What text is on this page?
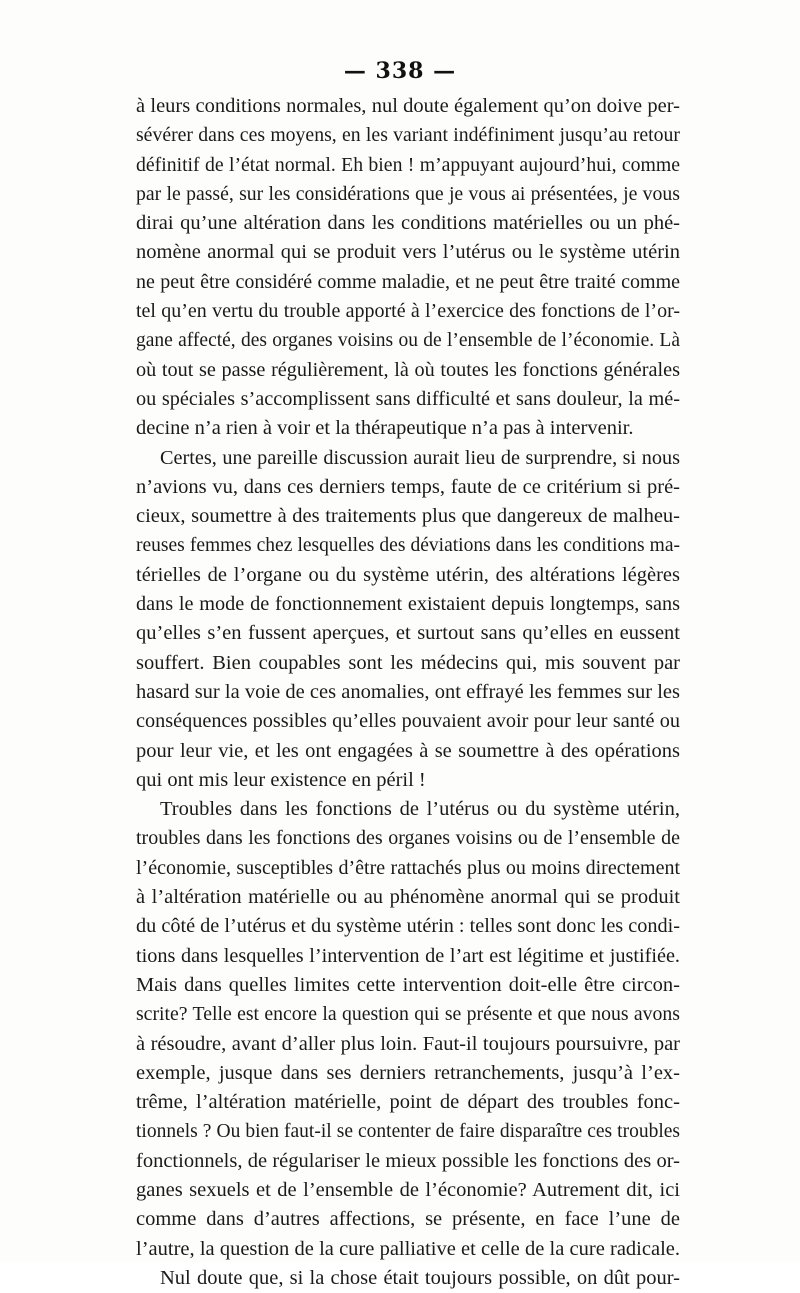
— 338 —
à leurs conditions normales, nul doute également qu’on doive per-
sévérer dans ces moyens, en les variant indéfiniment jusqu’au retour
définitif de l’état normal. Eh bien ! m’appuyant aujourd’hui, comme
par le passé, sur les considérations que je vous ai présentées, je vous
dirai qu’une altération dans les conditions matérielles ou un phé-
nomène anormal qui se produit vers l’utérus ou le système utérin
ne peut être considéré comme maladie, et ne peut être traité comme
tel qu’en vertu du trouble apporté à l’exercice des fonctions de l’or-
gane affecté, des organes voisins ou de l’ensemble de l’économie. Là
où tout se passe régulièrement, là où toutes les fonctions générales
ou spéciales s’accomplissent sans difficulté et sans douleur, la mé-
decine n’a rien à voir et la thérapeutique n’a pas à intervenir.
Certes, une pareille discussion aurait lieu de surprendre, si nous
n’avions vu, dans ces derniers temps, faute de ce critérium si pré-
cieux, soumettre à des traitements plus que dangereux de malheu-
reuses femmes chez lesquelles des déviations dans les conditions ma-
térielles de l’organe ou du système utérin, des altérations légères
dans le mode de fonctionnement existaient depuis longtemps, sans
qu’elles s’en fussent aperçues, et surtout sans qu’elles en eussent
souffert. Bien coupables sont les médecins qui, mis souvent par
hasard sur la voie de ces anomalies, ont effrayé les femmes sur les
conséquences possibles qu’elles pouvaient avoir pour leur santé ou
pour leur vie, et les ont engagées à se soumettre à des opérations
qui ont mis leur existence en péril !
Troubles dans les fonctions de l’utérus ou du système utérin,
troubles dans les fonctions des organes voisins ou de l’ensemble de
l’économie, susceptibles d’être rattachés plus ou moins directement
à l’altération matérielle ou au phénomène anormal qui se produit
du côté de l’utérus et du système utérin : telles sont donc les condi-
tions dans lesquelles l’intervention de l’art est légitime et justifiée.
Mais dans quelles limites cette intervention doit-elle être circon-
scrite? Telle est encore la question qui se présente et que nous avons
à résoudre, avant d’aller plus loin. Faut-il toujours poursuivre, par
exemple, jusque dans ses derniers retranchements, jusqu’à l’ex-
trême, l’altération matérielle, point de départ des troubles fonc-
tionnels ? Ou bien faut-il se contenter de faire disparaître ces troubles
fonctionnels, de régulariser le mieux possible les fonctions des or-
ganes sexuels et de l’ensemble de l’économie? Autrement dit, ici
comme dans d’autres affections, se présente, en face l’une de
l’autre, la question de la cure palliative et celle de la cure radicale.
Nul doute que, si la chose était toujours possible, on dût pour-
